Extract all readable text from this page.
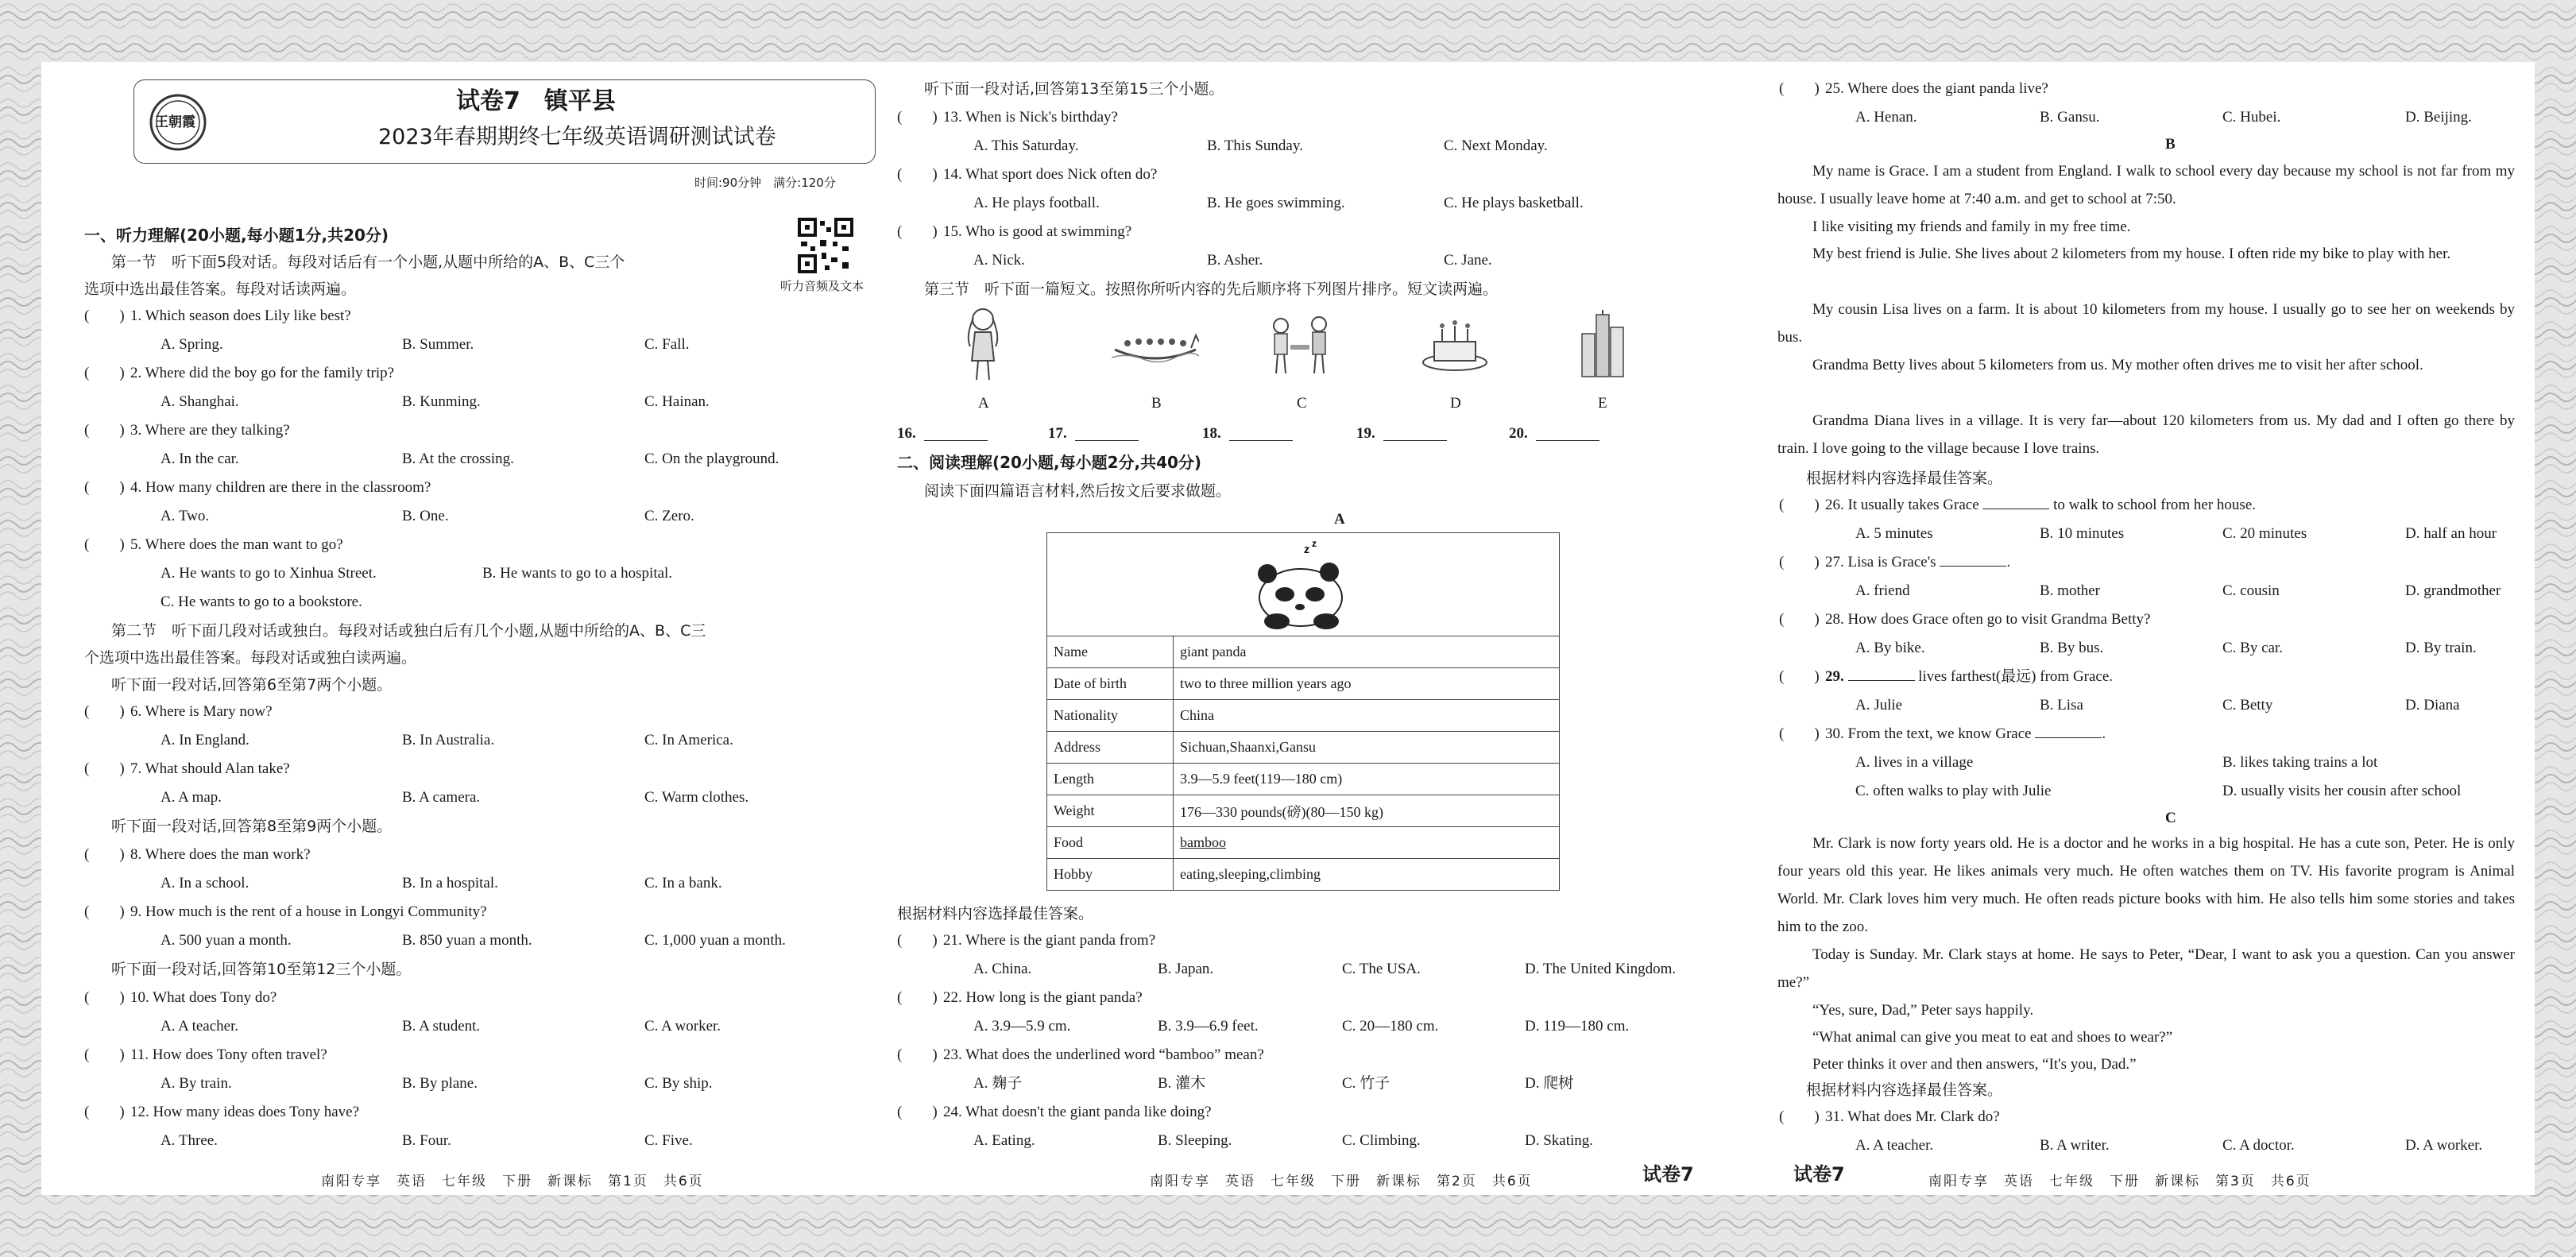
王朝霞
试卷7　镇平县
2023年春期期终七年级英语调研测试试卷
时间:90分钟　满分:120分
听力音频及文本
一、听力理解(20小题,每小题1分,共20分)
第一节　听下面5段对话。每段对话后有一个小题,从题中所给的A、B、C三个
选项中选出最佳答案。每段对话读两遍。
(　　) 1. Which season does Lily like best?
A. Spring.	B. Summer.	C. Fall.
(　　) 2. Where did the boy go for the family trip?
A. Shanghai.	B. Kunming.	C. Hainan.
(　　) 3. Where are they talking?
A. In the car.	B. At the crossing.	C. On the playground.
(　　) 4. How many children are there in the classroom?
A. Two.	B. One.	C. Zero.
(　　) 5. Where does the man want to go?
A. He wants to go to Xinhua Street.	B. He wants to go to a hospital.
C. He wants to go to a bookstore.
第二节　听下面几段对话或独白。每段对话或独白后有几个小题,从题中所给的A、B、C三
个选项中选出最佳答案。每段对话或独白读两遍。
听下面一段对话,回答第6至第7两个小题。
(　　) 6. Where is Mary now?
A. In England.	B. In Australia.	C. In America.
(　　) 7. What should Alan take?
A. A map.	B. A camera.	C. Warm clothes.
听下面一段对话,回答第8至第9两个小题。
(　　) 8. Where does the man work?
A. In a school.	B. In a hospital.	C. In a bank.
(　　) 9. How much is the rent of a house in Longyi Community?
A. 500 yuan a month.	B. 850 yuan a month.	C. 1,000 yuan a month.
听下面一段对话,回答第10至第12三个小题。
(　　) 10. What does Tony do?
A. A teacher.	B. A student.	C. A worker.
(　　) 11. How does Tony often travel?
A. By train.	B. By plane.	C. By ship.
(　　) 12. How many ideas does Tony have?
A. Three.	B. Four.	C. Five.
南阳专享　英语　七年级　下册　新课标　第1页　共6页
听下面一段对话,回答第13至第15三个小题。
(　　) 13. When is Nick's birthday?
A. This Saturday.	B. This Sunday.	C. Next Monday.
(　　) 14. What sport does Nick often do?
A. He plays football.	B. He goes swimming.	C. He plays basketball.
(　　) 15. Who is good at swimming?
A. Nick.	B. Asher.	C. Jane.
第三节　听下面一篇短文。按照你所听内容的先后顺序将下列图片排序。短文读两遍。
A	B	C	D	E
16.	17.	18.	19.	20.
二、阅读理解(20小题,每小题2分,共40分)
阅读下面四篇语言材料,然后按文后要求做题。
A
z z
Name	giant panda
Date of birth	two to three million years ago
Nationality	China
Address	Sichuan,Shaanxi,Gansu
Length	3.9—5.9 feet(119—180 cm)
Weight	176—330 pounds(磅)(80—150 kg)
Food	bamboo
Hobby	eating,sleeping,climbing
根据材料内容选择最佳答案。
(　　) 21. Where is the giant panda from?
A. China.	B. Japan.	C. The USA.	D. The United Kingdom.
(　　) 22. How long is the giant panda?
A. 3.9—5.9 cm.	B. 3.9—6.9 feet.	C. 20—180 cm.	D. 119—180 cm.
(　　) 23. What does the underlined word “bamboo” mean?
A. 麹子	B. 灌木	C. 竹子	D. 爬树
(　　) 24. What doesn't the giant panda like doing?
A. Eating.	B. Sleeping.	C. Climbing.	D. Skating.
南阳专享　英语　七年级　下册　新课标　第2页　共6页	试卷7
(　　) 25. Where does the giant panda live?
A. Henan.	B. Gansu.	C. Hubei.	D. Beijing.
B
My name is Grace. I am a student from England. I walk to school every day because my school is not far from my house. I usually leave home at 7:40 a.m. and get to school at 7:50.
I like visiting my friends and family in my free time.
My best friend is Julie. She lives about 2 kilometers from my house. I often ride my bike to play with her.
My cousin Lisa lives on a farm. It is about 10 kilometers from my house. I usually go to see her on weekends by bus.
Grandma Betty lives about 5 kilometers from us. My mother often drives me to visit her after school.
Grandma Diana lives in a village. It is very far—about 120 kilometers from us. My dad and I often go there by train. I love going to the village because I love trains.
根据材料内容选择最佳答案。
(　　) 26. It usually takes Grace	to walk to school from her house.
A. 5 minutes	B. 10 minutes	C. 20 minutes	D. half an hour
(　　) 27. Lisa is Grace's	.
A. friend	B. mother	C. cousin	D. grandmother
(　　) 28. How does Grace often go to visit Grandma Betty?
A. By bike.	B. By bus.	C. By car.	D. By train.
(　　) 29.	lives farthest(最远) from Grace.
A. Julie	B. Lisa	C. Betty	D. Diana
(　　) 30. From the text, we know Grace	.
A. lives in a village	B. likes taking trains a lot
C. often walks to play with Julie	D. usually visits her cousin after school
C
Mr. Clark is now forty years old. He is a doctor and he works in a big hospital. He has a cute son, Peter. He is only four years old this year. He likes animals very much. He often watches them on TV. His favorite program is Animal World. Mr. Clark loves him very much. He often reads picture books with him. He also tells him some stories and takes him to the zoo.
Today is Sunday. Mr. Clark stays at home. He says to Peter, “Dear, I want to ask you a question. Can you answer me?”
“Yes, sure, Dad,” Peter says happily.
“What animal can give you meat to eat and shoes to wear?”
Peter thinks it over and then answers, “It's you, Dad.”
根据材料内容选择最佳答案。
(　　) 31. What does Mr. Clark do?
A. A teacher.	B. A writer.	C. A doctor.	D. A worker.
试卷7	南阳专享　英语　七年级　下册　新课标　第3页　共6页
